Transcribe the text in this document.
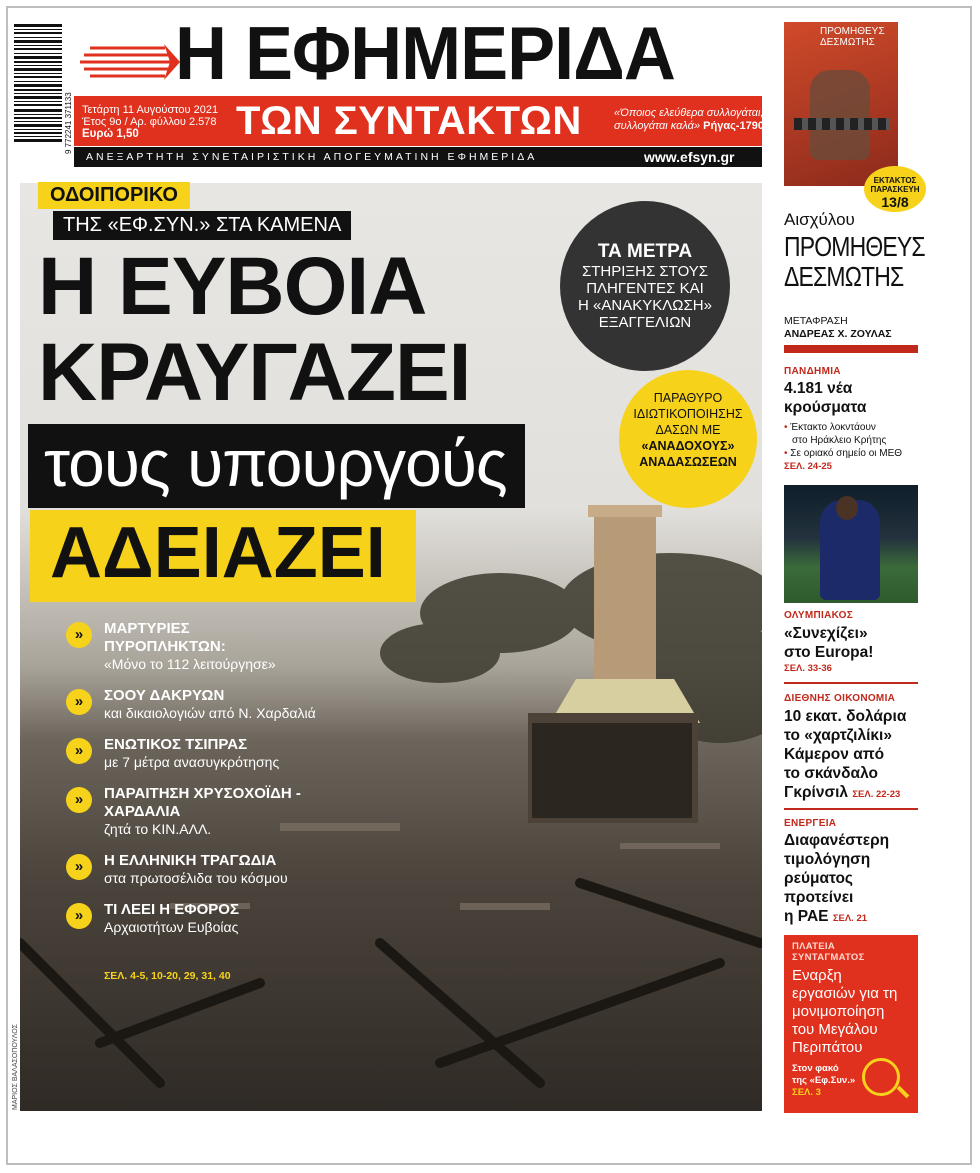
9 772241 371133
Η ΕΦΗΜΕΡΙΔΑ
Τετάρτη 11 Αυγούστου 2021
Έτος 9ο / Αρ. φύλλου 2.578
Ευρώ 1,50	ΤΩΝ ΣΥΝΤΑΚΤΩΝ	«Όποιος ελεύθερα συλλογάται,
συλλογάται καλά» Ρήγας-1790
ΑΝΕΞΑΡΤΗΤΗ ΣΥΝΕΤΑΙΡΙΣΤΙΚΗ ΑΠΟΓΕΥΜΑΤΙΝΗ ΕΦΗΜΕΡΙΔΑ	www.efsyn.gr
ΟΔΟΙΠΟΡΙΚΟ
ΤΗΣ «ΕΦ.ΣΥΝ.» ΣΤΑ ΚΑΜΕΝΑ
Η ΕΥΒΟΙΑ
ΚΡΑΥΓΑΖΕΙ
τους υπουργούς
ΑΔΕΙΑΖΕΙ
ΤΑ ΜΕΤΡΑ
ΣΤΗΡΙΞΗΣ ΣΤΟΥΣ
ΠΛΗΓΕΝΤΕΣ ΚΑΙ
Η «ΑΝΑΚΥΚΛΩΣΗ»
ΕΞΑΓΓΕΛΙΩΝ
ΠΑΡΑΘΥΡΟ
ΙΔΙΩΤΙΚΟΠΟΙΗΣΗΣ
ΔΑΣΩΝ ΜΕ
«ΑΝΑΔΟΧΟΥΣ»
ΑΝΑΔΑΣΩΣΕΩΝ
»	ΜΑΡΤΥΡΙΕΣ ΠΥΡΟΠΛΗΚΤΩΝ:
«Μόνο το 112 λειτούργησε»
»	ΣΟΟΥ ΔΑΚΡΥΩΝ
και δικαιολογιών από Ν. Χαρδαλιά
»	ΕΝΩΤΙΚΟΣ ΤΣΙΠΡΑΣ
με 7 μέτρα ανασυγκρότησης
»	ΠΑΡΑΙΤΗΣΗ ΧΡΥΣΟΧΟΪΔΗ - ΧΑΡΔΑΛΙΑ
ζητά το ΚΙΝ.ΑΛΛ.
»	Η ΕΛΛΗΝΙΚΗ ΤΡΑΓΩΔΙΑ
στα πρωτοσέλιδα του κόσμου
»	ΤΙ ΛΕΕΙ Η ΕΦΟΡΟΣ
Αρχαιοτήτων Ευβοίας
ΣΕΛ. 4-5, 10-20, 29, 31, 40
ΜΑΡΙΟΣ ΒΑΛΑΣΟΠΟΥΛΟΣ
ΠΡΟΜΗΘΕΥΣ ΔΕΣΜΩΤΗΣ
ΕΚΤΑΚΤΟΣ
ΠΑΡΑΣΚΕΥΗ
13/8
Αισχύλου
ΠΡΟΜΗΘΕΥΣ
ΔΕΣΜΩΤΗΣ
ΜΕΤΑΦΡΑΣΗ
ΑΝΔΡΕΑΣ Χ. ΖΟΥΛΑΣ
ΠΑΝΔΗΜΙΑ
4.181 νέα
κρούσματα
• Έκτακτο λοκντάουν
στο Ηράκλειο Κρήτης
• Σε οριακό σημείο οι ΜΕΘ
ΣΕΛ. 24-25
ΟΛΥΜΠΙΑΚΟΣ
«Συνεχίζει»
στο Europa!
ΣΕΛ. 33-36
ΔΙΕΘΝΗΣ ΟΙΚΟΝΟΜΙΑ
10 εκατ. δολάρια
το «χαρτζιλίκι»
Κάμερον από
το σκάνδαλο
Γκρίνσιλ ΣΕΛ. 22-23
ΕΝΕΡΓΕΙΑ
Διαφανέστερη
τιμολόγηση
ρεύματος
προτείνει
η ΡΑΕ ΣΕΛ. 21
ΠΛΑΤΕΙΑ
ΣΥΝΤΑΓΜΑΤΟΣ
Εναρξη
εργασιών για τη
μονιμοποίηση
του Μεγάλου
Περιπάτου
Στον φακό
της «Εφ.Συν.»
ΣΕΛ. 3
